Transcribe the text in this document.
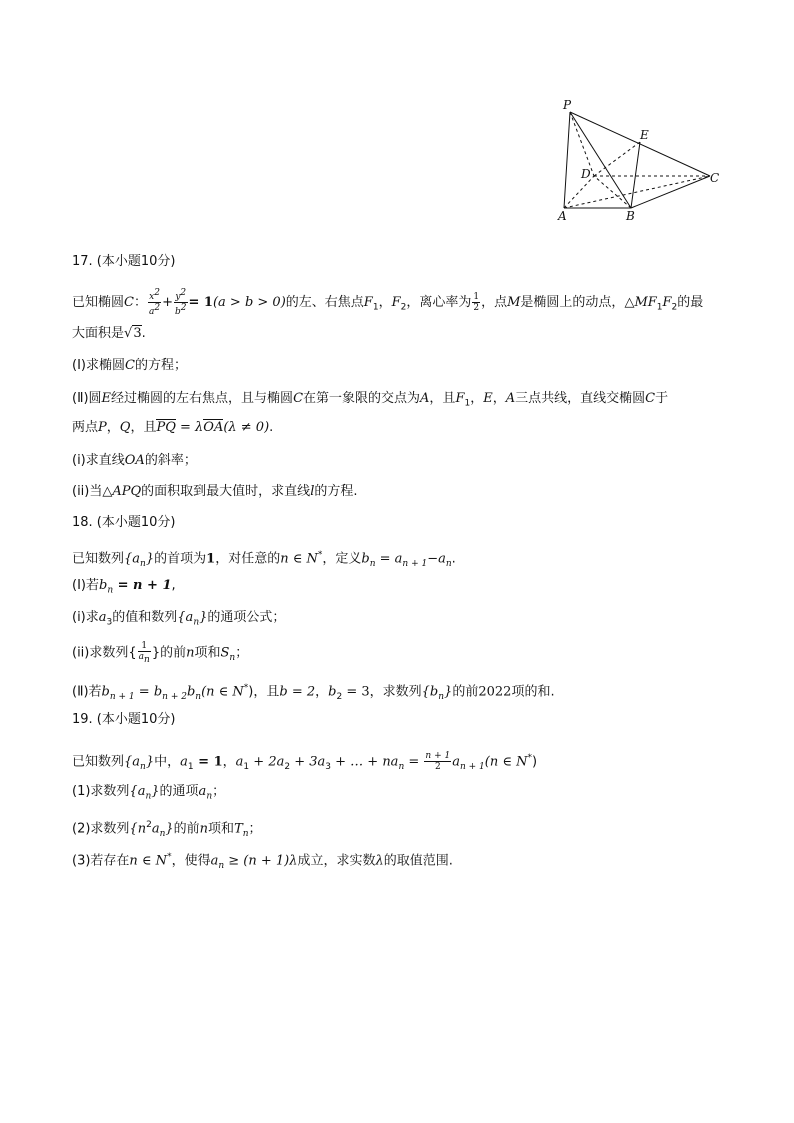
P
E
D	C
A	B
17. (本小题10分)
已知椭圆C： $\frac{x^2}{a^2} + \frac{y^2}{b^2} = 1(a > b > 0)$的左、右焦点$F_1$，$F_2$，离心率为 $\frac{1}{2}$ ，点M是椭圆上的动点，$\triangle MF_1F_2$的最
大面积是√3.
(Ⅰ)求椭圆C的方程；
(Ⅱ)圆E经过椭圆的左右焦点，且与椭圆C在第一象限的交点为A，且$F_1$，E，A三点共线，直线交椭圆C于
两点P，Q，且PQ = λOA(λ ≠ 0).
(i)求直线OA的斜率；
(ii)当△APQ的面积取到最大值时，求直线l的方程.
18. (本小题10分)
已知数列$\{a_n\}$的首项为1，对任意的n ∈ N*，定义$b_n = a_{n + 1}-a_n$.
(Ⅰ)若$b_n = n + 1$,
(i)求$a_3$的值和数列$\{a_n\}$的通项公式；
(ii)求数列{ $\frac{1}{a_n}$ }的前n项和$S_n$；
(Ⅱ)若$b_{n + 1} = b_{n + 2}b_n(n$ ∈ N*)，且b = 2，$b_2 = 3$，求数列$\{b_n\}$的前2022项的和.
19. (本小题10分)
已知数列$\{a_n\}$中，$a_1 = 1$，$a_1 + 2a_2 + 3a_3$ + … + $na_n = \frac{n + 1}{2} a_{n + 1}(n$ ∈ N*)
(1)求数列$\{a_n\}$的通项$a_n$；
(2)求数列$\{n^2a_n\}$的前n项和$T_n$；
(3)若存在n ∈ N*，使得$a_n \ge (n + 1)\lambda$成立，求实数λ的取值范围.
